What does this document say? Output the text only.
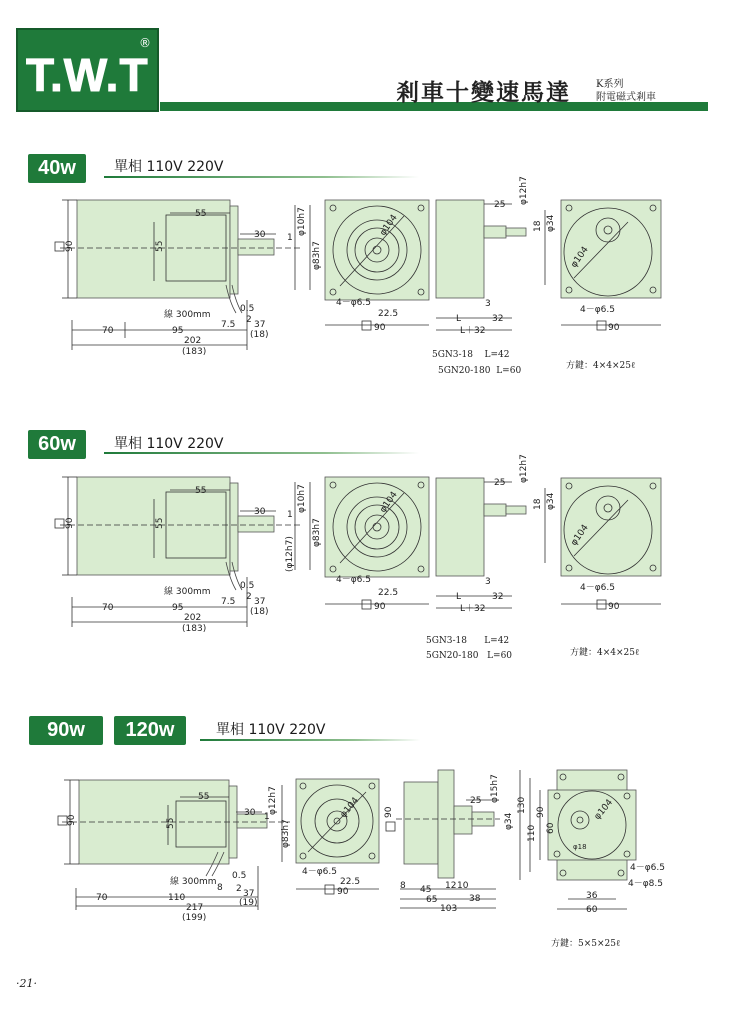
T.W.T
®
剎車十變速馬達	K系列
附電磁式剎車
40w	單相 110V 220V
60w	單相 110V 220V
90w	120w	單相 110V 220V
55
55
90
30 1
φ10h7
φ83h7
線 300mm
0.5
7.5 2 37
(18)
70	95
202
(183)
φ104
22.5
4－φ6.5
90
25 φ12h7
18 φ34
3
L	32
L＋32
φ104
4－φ6.5
90
55
55
90
30 1
φ10h7
φ83h7
(φ12h7)
線 300mm
0.5
7.5 2 37
(18)
70	95
202
(183)
φ104
22.5
4－φ6.5
90
25 φ12h7
18 φ34
3
L	32
L＋32
φ104
4－φ6.5
90
55
55
90
30 1
φ12h7
φ83h7
線 300mm
0.5
8 2 37
(19)
70	110
217
(199)
φ104
22.5
4－φ6.5
90
90
25 φ15h7
φ34
8 45 12 10
38
65
103
130
110
90
60
φ104
φ18
4－φ6.5
4－φ8.5
36
60
5GN3-18 L=42
5GN20-180 L=60	方鍵：4×4×25ℓ
5GN3-18 L=42
5GN20-180 L=60	方鍵：4×4×25ℓ
方鍵：5×5×25ℓ
·21·
